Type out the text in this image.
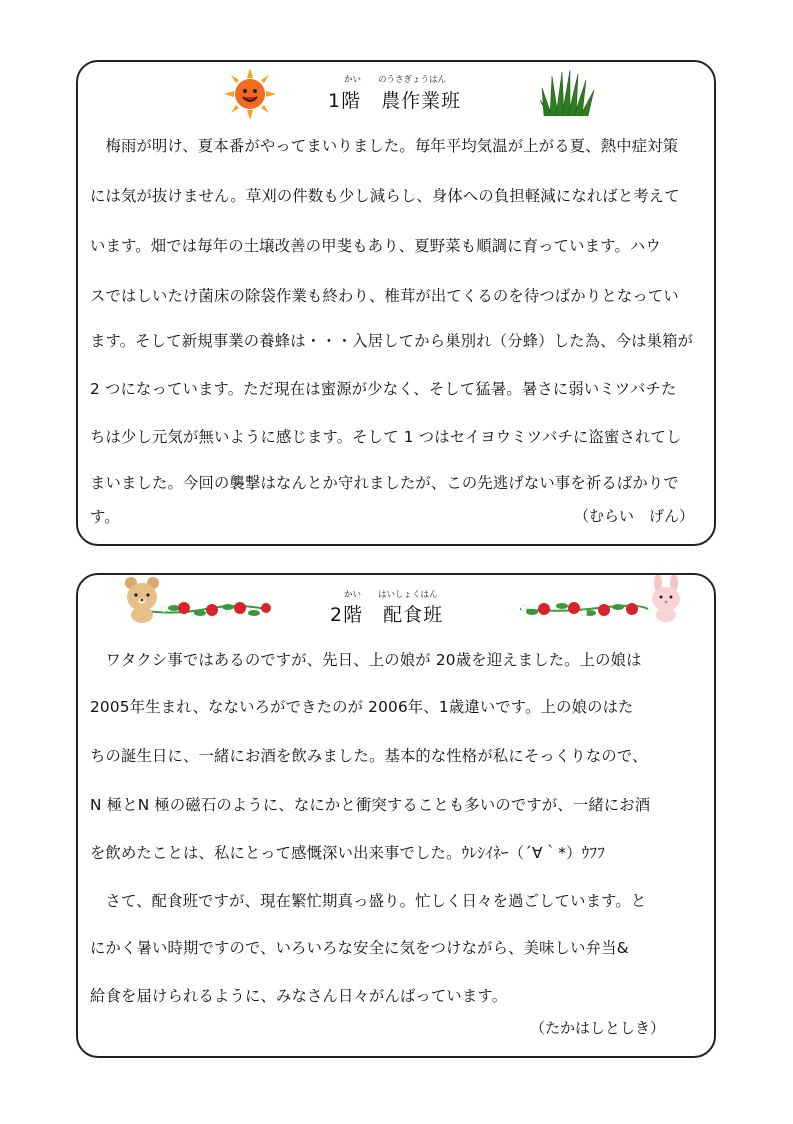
かい　　のうさぎょうはん
1階　農作業班
　梅雨が明け、夏本番がやってまいりました。毎年平均気温が上がる夏、熱中症対策
には気が抜けません。草刈の件数も少し減らし、身体への負担軽減になればと考えて
います。畑では毎年の土壌改善の甲斐もあり、夏野菜も順調に育っています。ハウ
スではしいたけ菌床の除袋作業も終わり、椎茸が出てくるのを待つばかりとなってい
ます。そして新規事業の養蜂は・・・入居してから巣別れ（分蜂）した為、今は巣箱が
2 つになっています。ただ現在は蜜源が少なく、そして猛暑。暑さに弱いミツバチた
ちは少し元気が無いように感じます。そして 1 つはセイヨウミツバチに盗蜜されてし
まいました。今回の襲撃はなんとか守れましたが、この先逃げない事を祈るばかりで
す。	（むらい　げん）
かい　　はいしょくはん
2階　配食班
　ワタクシ事ではあるのですが、先日、上の娘が 20歳を迎えました。上の娘は
2005年生まれ、なないろができたのが 2006年、1歳違いです。上の娘のはた
ちの誕生日に、一緒にお酒を飲みました。基本的な性格が私にそっくりなので、
N 極とN 極の磁石のように、なにかと衝突することも多いのですが、一緒にお酒
を飲めたことは、私にとって感慨深い出来事でした。ｳﾚｼｲﾈｰ（´∀｀*）ｳﾌﾌ
　さて、配食班ですが、現在繁忙期真っ盛り。忙しく日々を過ごしています。と
にかく暑い時期ですので、いろいろな安全に気をつけながら、美味しい弁当&
給食を届けられるように、みなさん日々がんばっています。
（たかはしとしき）
